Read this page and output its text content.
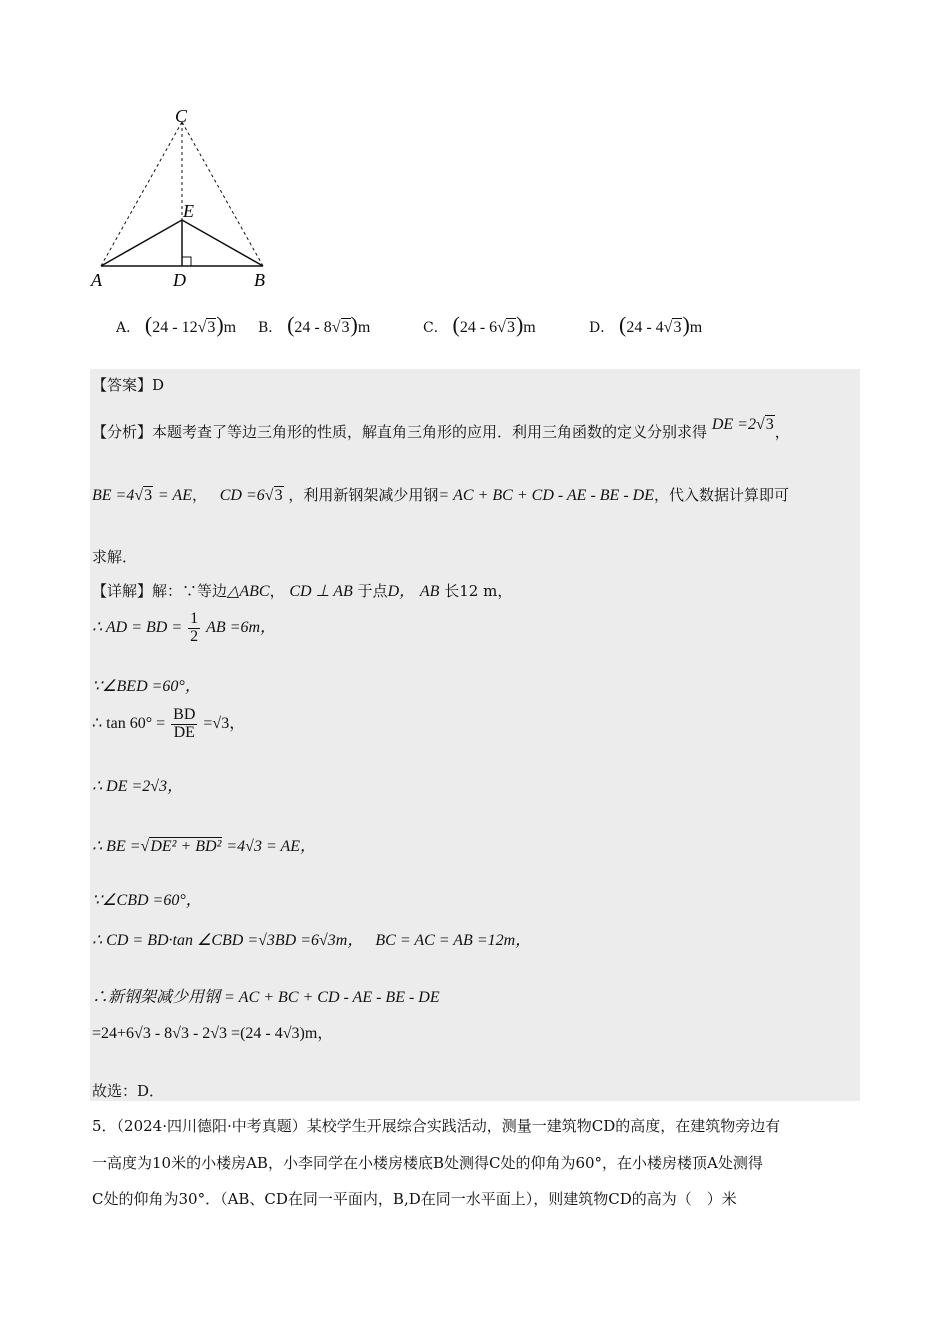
C
E
A	D	B
A． (24 - 12√3)m B． (24 - 8√3)m	C． (24 - 6√3)m	D． (24 - 4√3)m
【答案】D
【分析】本题考查了等边三角形的性质，解直角三角形的应用．利用三角函数的定义分别求得 DE =2√3，
BE =4√3 = AE， CD =6√3 ，利用新钢架减少用钢= AC + BC + CD - AE - BE - DE，代入数据计算即可
求解．
【详解】解：∵等边△ABC， CD ⊥ AB 于点D， AB 长12 m，
∴ AD = BD = $\frac{1}{2}$ AB =6m，
∵∠BED =60°，
∴ $\tan 60^\circ = \frac{BD}{DE} =√3$，
∴ DE =2√3，
∴ BE =√DE² + BD² =4√3 = AE，
∵∠CBD =60°，
∴ CD = BD·tan ∠CBD =√3BD =6√3m， BC = AC = AB =12m，
∴新钢架减少用钢 = AC + BC + CD - AE - BE - DE
=24+6√3 - 8√3 - 2√3 =(24 - 4√3)m，
故选：D．
5．（2024·四川德阳·中考真题）某校学生开展综合实践活动，测量一建筑物CD的高度，在建筑物旁边有
一高度为10米的小楼房AB，小李同学在小楼房楼底B处测得C处的仰角为60°，在小楼房楼顶A处测得
C处的仰角为30°．（AB、CD在同一平面内，B,D在同一水平面上），则建筑物CD的高为（　）米
